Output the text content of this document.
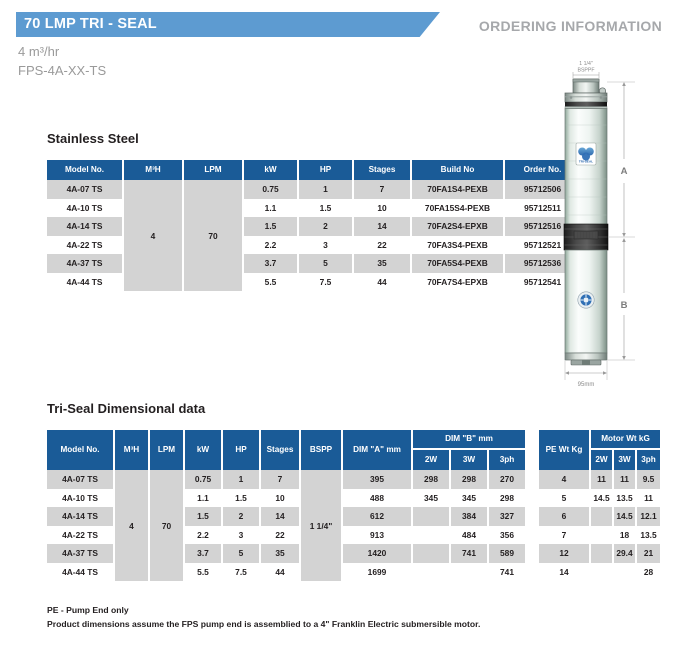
70 LMP TRI - SEAL
4 m³/hr
FPS-4A-XX-TS
ORDERING INFORMATION
Stainless Steel
Model No.	M³H	LPM	kW	HP	Stages	Build No	Order No.
4A-07 TS	4	70	0.75	1	7	70FA1S4-PEXB	95712506
4A-10 TS			1.1	1.5	10	70FA15S4-PEXB	95712511
4A-14 TS			1.5	2	14	70FA2S4-EPXB	95712516
4A-22 TS			2.2	3	22	70FA3S4-PEXB	95712521
4A-37 TS			3.7	5	35	70FA5S4-PEXB	95712536
4A-44 TS			5.5	7.5	44	70FA7S4-EPXB	95712541
Tri-Seal Dimensional data
Model No.	M³H	LPM	kW	HP	Stages	BSPP	DIM "A" mm	DIM "B" mm				PE Wt Kg	Motor Wt kG		
								2W	3W	3ph			2W	3W	3ph
4A-07 TS	4	70	0.75	1	7	1 1/4"	395	298	298	270		4	11	11	9.5
4A-10 TS			1.1	1.5	10		488	345	345	298		5	14.5	13.5	11
4A-14 TS			1.5	2	14		612		384	327		6		14.5	12.1
4A-22 TS			2.2	3	22		913		484	356		7		18	13.5
4A-37 TS			3.7	5	35		1420		741	589		12		29.4	21
4A-44 TS			5.5	7.5	44		1699			741		14			28
PE - Pump End only
Product dimensions assume the FPS pump end is assemblied to a 4" Franklin Electric submersible motor.
1 1/4"
BSPPF
TRI-SEAL
A
B
95mm
